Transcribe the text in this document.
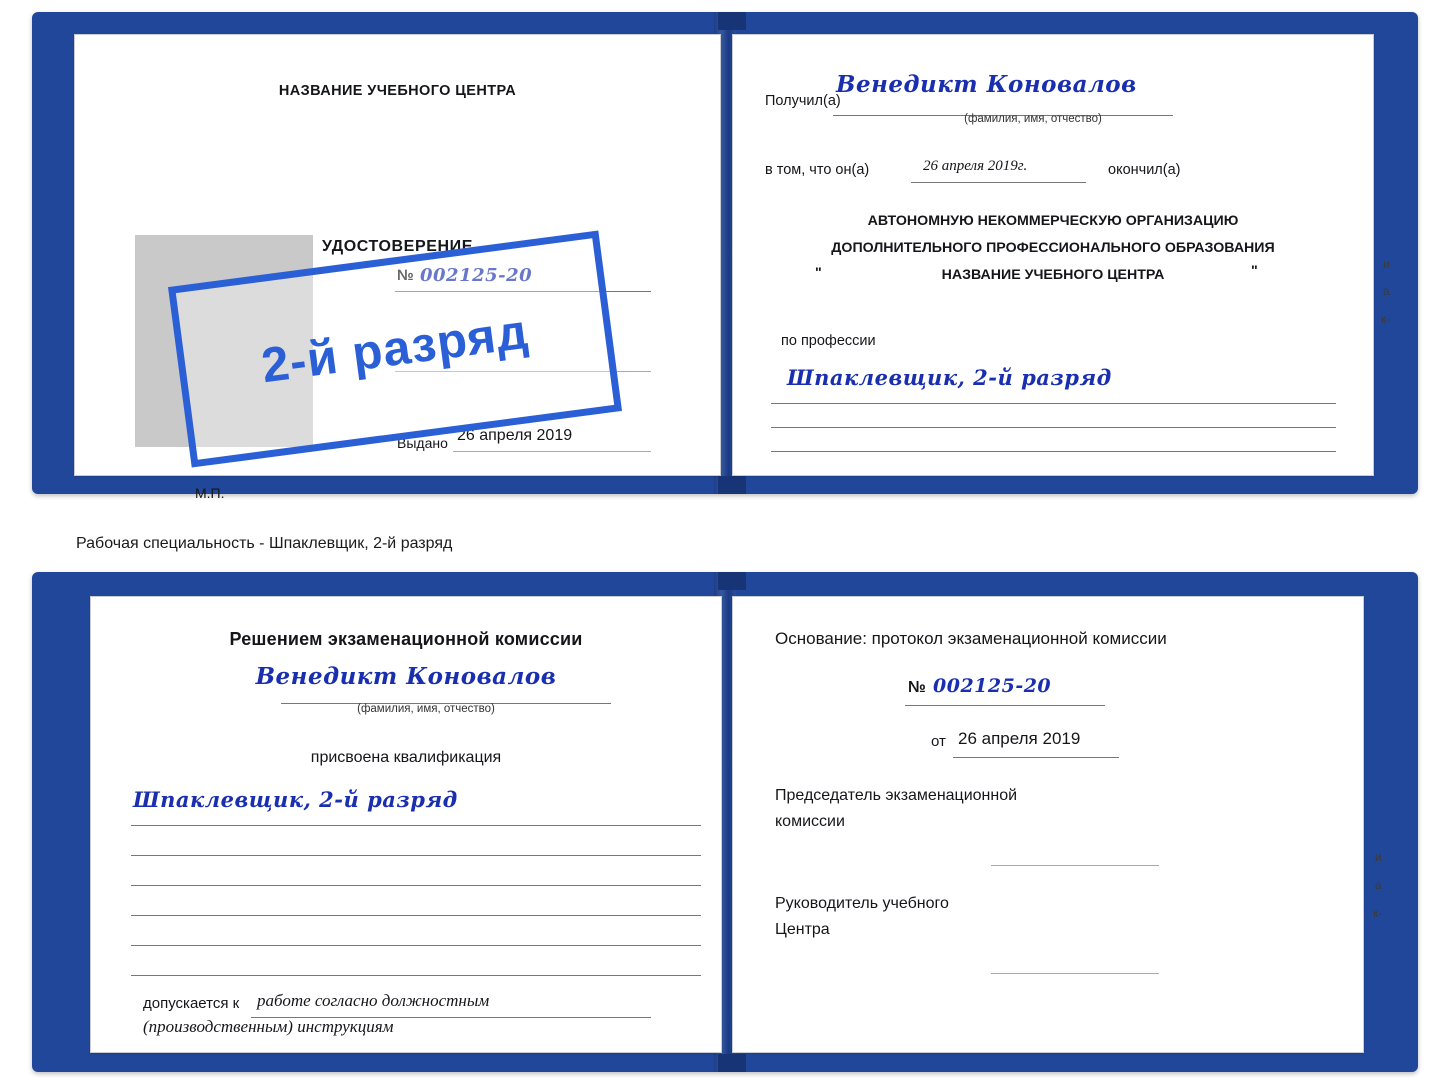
НАЗВАНИЕ УЧЕБНОГО ЦЕНТРА
УДОСТОВЕРЕНИЕ
№ 002125-20
Выдано 26 апреля 2019
М.П.
Получил(а)
Венедикт Коновалов
(фамилия, имя, отчество)
в том, что он(а)	26 апреля 2019г.	окончил(а)
АВТОНОМНУЮ НЕКОММЕРЧЕСКУЮ ОРГАНИЗАЦИЮ
ДОПОЛНИТЕЛЬНОГО ПРОФЕССИОНАЛЬНОГО ОБРАЗОВАНИЯ
"	НАЗВАНИЕ УЧЕБНОГО ЦЕНТРА	"
по профессии
Шпаклевщик, 2-й разряд
и
а
к-
2-й разряд
Рабочая специальность - Шпаклевщик, 2-й разряд
Решением экзаменационной комиссии
Венедикт Коновалов
(фамилия, имя, отчество)
присвоена квалификация
Шпаклевщик, 2-й разряд
допускается к работе согласно должностным
(производственным) инструкциям
Основание: протокол экзаменационной комиссии
№ 002125-20
от 26 апреля 2019
Председатель экзаменационной
комиссии
Руководитель учебного
Центра
и
а
к-
